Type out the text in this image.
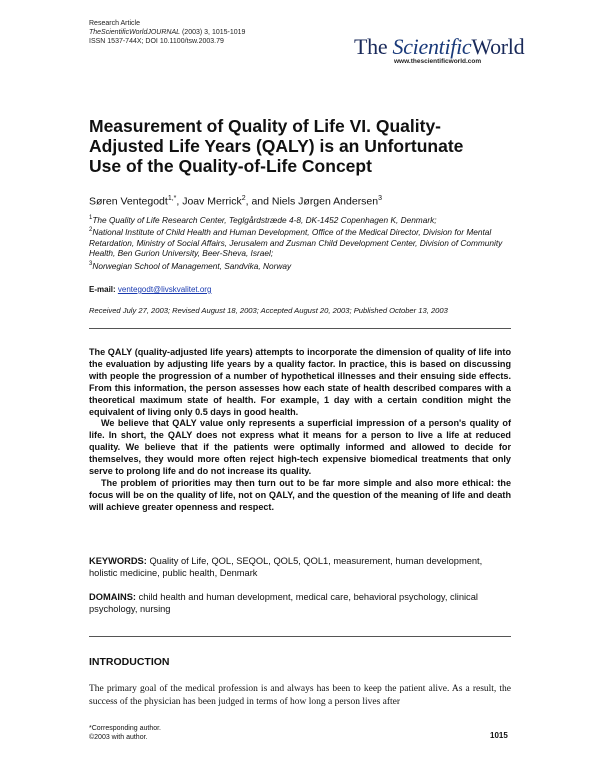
Research Article
TheScientificWorldJOURNAL (2003) 3, 1015-1019
ISSN 1537-744X; DOI 10.1100/tsw.2003.79	The ScientificWorld
www.thescientificworld.com
Measurement of Quality of Life VI. Quality-Adjusted Life Years (QALY) is an Unfortunate Use of the Quality-of-Life Concept
Søren Ventegodt$^{1,*}$, Joav Merrick$^2$, and Niels Jørgen Andersen$^3$
$^1$The Quality of Life Research Center, Teglgårdstræde 4-8, DK-1452 Copenhagen K, Denmark;
$^2$National Institute of Child Health and Human Development, Office of the Medical Director, Division for Mental Retardation, Ministry of Social Affairs, Jerusalem and Zusman Child Development Center, Division of Community Health, Ben Gurion University, Beer-Sheva, Israel;
$^3$Norwegian School of Management, Sandvika, Norway
E-mail: ventegodt@livskvalitet.org
Received July 27, 2003; Revised August 18, 2003; Accepted August 20, 2003; Published October 13, 2003

The QALY (quality-adjusted life years) attempts to incorporate the dimension of quality of life into the evaluation by adjusting life years by a quality factor. In practice, this is based on discussing with people the progression of a number of hypothetical illnesses and their ensuing side effects. From this information, the person assesses how each state of health described compares with a theoretical maximum state of health. For example, 1 day with a certain condition might the equivalent of living only 0.5 days in good health.

We believe that QALY value only represents a superficial impression of a person's quality of life. In short, the QALY does not express what it means for a person to live a life at reduced quality. We believe that if the patients were optimally informed and allowed to decide for themselves, they would more often reject high-tech expensive biomedical treatments that only serve to prolong life and do not increase its quality.

The problem of priorities may then turn out to be far more simple and also more ethical: the focus will be on the quality of life, not on QALY, and the question of the meaning of life and death will achieve greater openness and respect.

KEYWORDS: Quality of Life, QOL, SEQOL, QOL5, QOL1, measurement, human development, holistic medicine, public health, Denmark
DOMAINS: child health and human development, medical care, behavioral psychology, clinical psychology, nursing
INTRODUCTION
The primary goal of the medical profession is and always has been to keep the patient alive. As a result, the success of the physician has been judged in terms of how long a person lives after
*Corresponding author.
©2003 with author.	1015
